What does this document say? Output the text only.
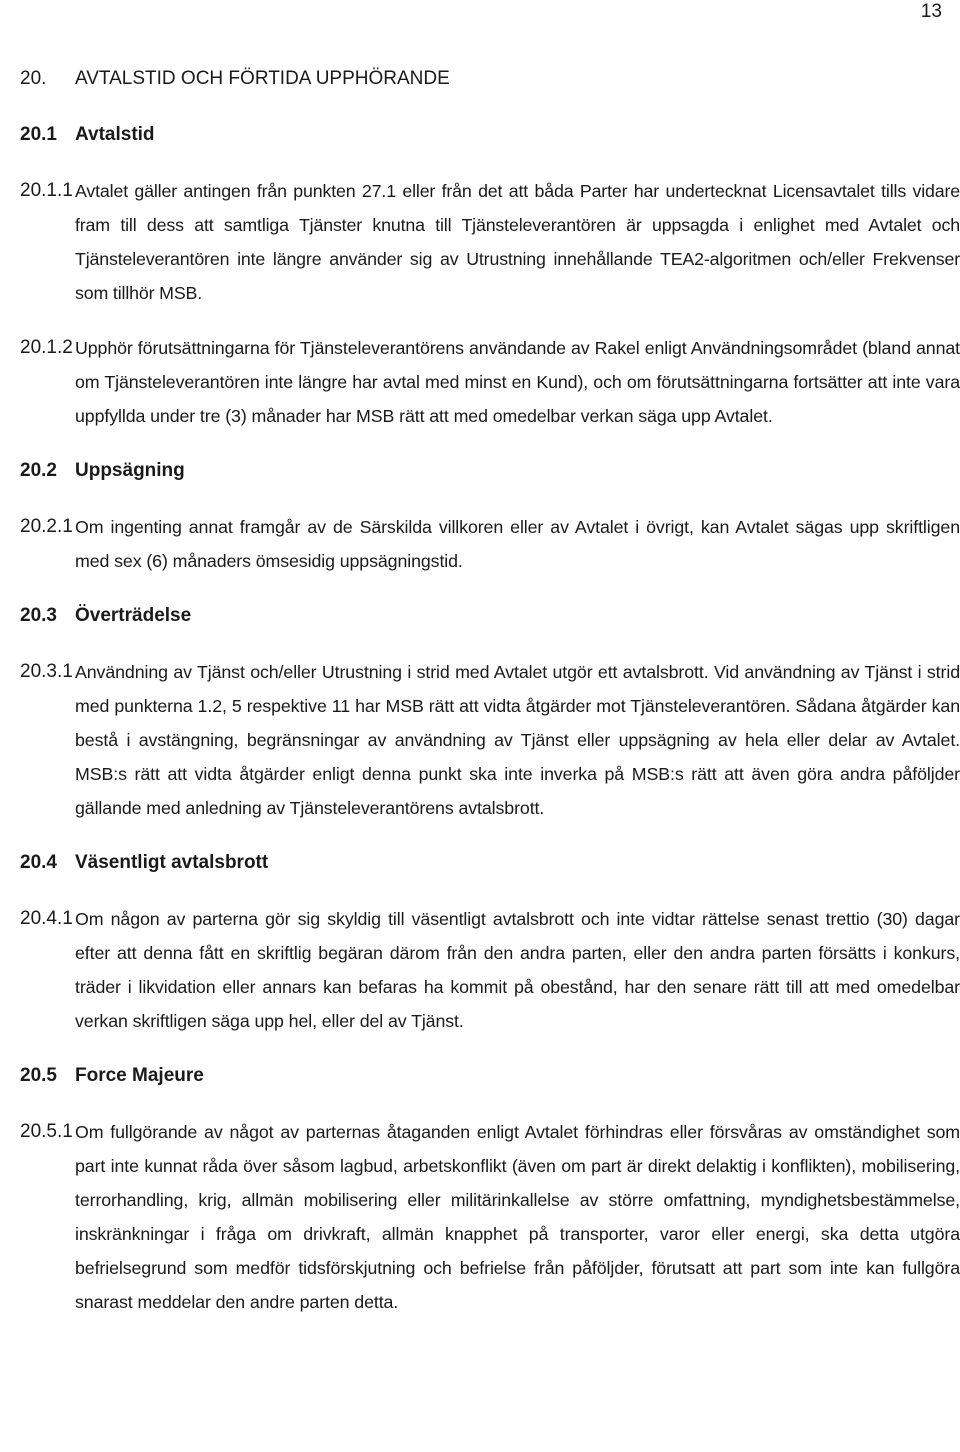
13
20.	AVTALSTID OCH FÖRTIDA UPPHÖRANDE
20.1 Avtalstid
20.1.1 Avtalet gäller antingen från punkten 27.1 eller från det att båda Parter har undertecknat Licensavtalet tills vidare fram till dess att samtliga Tjänster knutna till Tjänsteleverantören är uppsagda i enlighet med Avtalet och Tjänsteleverantören inte längre använder sig av Utrustning innehållande TEA2-algoritmen och/eller Frekvenser som tillhör MSB.
20.1.2 Upphör förutsättningarna för Tjänsteleverantörens användande av Rakel enligt Användningsområdet (bland annat om Tjänsteleverantören inte längre har avtal med minst en Kund), och om förutsättningarna fortsätter att inte vara uppfyllda under tre (3) månader har MSB rätt att med omedelbar verkan säga upp Avtalet.
20.2 Uppsägning
20.2.1 Om ingenting annat framgår av de Särskilda villkoren eller av Avtalet i övrigt, kan Avtalet sägas upp skriftligen med sex (6) månaders ömsesidig uppsägningstid.
20.3 Överträdelse
20.3.1 Användning av Tjänst och/eller Utrustning i strid med Avtalet utgör ett avtalsbrott. Vid användning av Tjänst i strid med punkterna 1.2, 5 respektive 11 har MSB rätt att vidta åtgärder mot Tjänsteleverantören. Sådana åtgärder kan bestå i avstängning, begränsningar av användning av Tjänst eller uppsägning av hela eller delar av Avtalet. MSB:s rätt att vidta åtgärder enligt denna punkt ska inte inverka på MSB:s rätt att även göra andra påföljder gällande med anledning av Tjänsteleverantörens avtalsbrott.
20.4 Väsentligt avtalsbrott
20.4.1 Om någon av parterna gör sig skyldig till väsentligt avtalsbrott och inte vidtar rättelse senast trettio (30) dagar efter att denna fått en skriftlig begäran därom från den andra parten, eller den andra parten försätts i konkurs, träder i likvidation eller annars kan befaras ha kommit på obestånd, har den senare rätt till att med omedelbar verkan skriftligen säga upp hel, eller del av Tjänst.
20.5 Force Majeure
20.5.1 Om fullgörande av något av parternas åtaganden enligt Avtalet förhindras eller försvåras av omständighet som part inte kunnat råda över såsom lagbud, arbetskonflikt (även om part är direkt delaktig i konflikten), mobilisering, terrorhandling, krig, allmän mobilisering eller militärinkallelse av större omfattning, myndighetsbestämmelse, inskränkningar i fråga om drivkraft, allmän knapphet på transporter, varor eller energi, ska detta utgöra befrielsegrund som medför tidsförskjutning och befrielse från påföljder, förutsatt att part som inte kan fullgöra snarast meddelar den andre parten detta.
